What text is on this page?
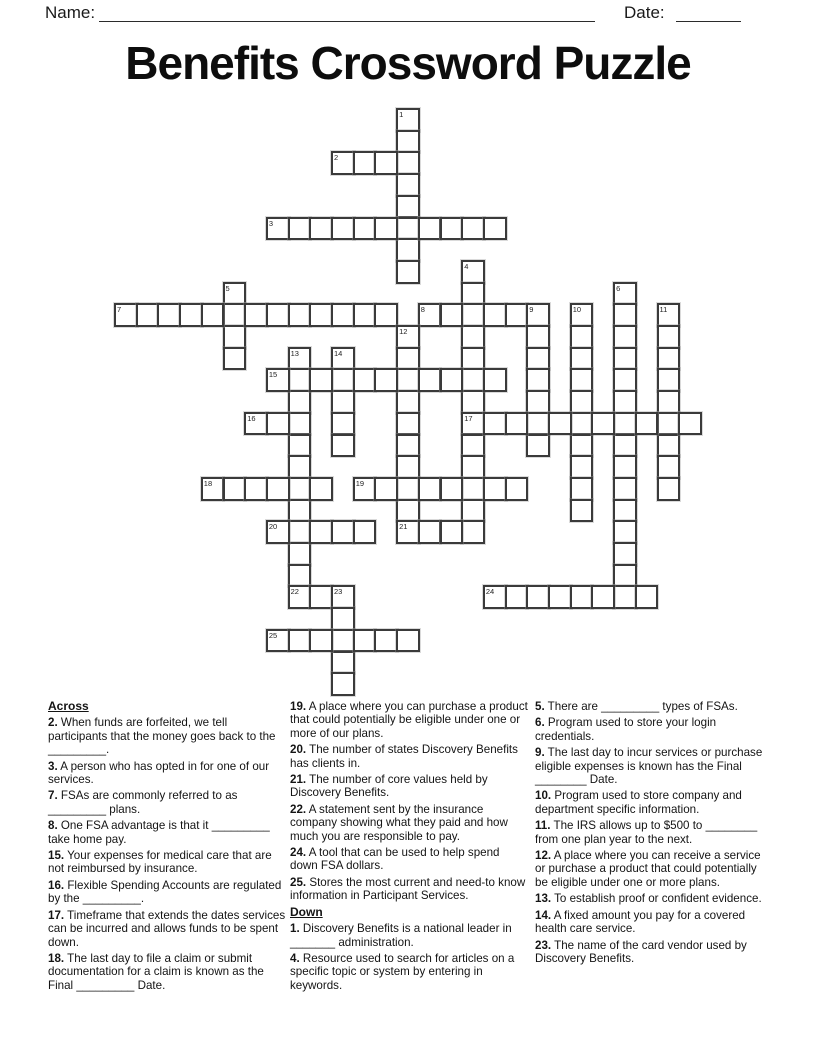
Name:	Date:
Benefits Crossword Puzzle
1
2
3
4
17
5	6
7	8	9	10	11
12
21
13
22
14
15
16
18	19
20
23	24
25
Across
2. When funds are forfeited, we tell participants that the money goes back to the _________.
3. A person who has opted in for one of our services.
7. FSAs are commonly referred to as _________ plans.
8. One FSA advantage is that it _________ take home pay.
15. Your expenses for medical care that are not reimbursed by insurance.
16. Flexible Spending Accounts are regulated by the _________.
17. Timeframe that extends the dates services can be incurred and allows funds to be spent down.
18. The last day to file a claim or submit documentation for a claim is known as the Final _________ Date.
19. A place where you can purchase a product that could potentially be eligible under one or more of our plans.
20. The number of states Discovery Benefits has clients in.
21. The number of core values held by Discovery Benefits.
22. A statement sent by the insurance company showing what they paid and how much you are responsible to pay.
24. A tool that can be used to help spend down FSA dollars.
25. Stores the most current and need-to know information in Participant Services.
Down
1. Discovery Benefits is a national leader in _______ administration.
4. Resource used to search for articles on a specific topic or system by entering in keywords.
5. There are _________ types of FSAs.
6. Program used to store your login credentials.
9. The last day to incur services or purchase eligible expenses is known has the Final ________ Date.
10. Program used to store company and department specific information.
11. The IRS allows up to $500 to ________ from one plan year to the next.
12. A place where you can receive a service or purchase a product that could potentially be eligible under one or more plans.
13. To establish proof or confident evidence.
14. A fixed amount you pay for a covered health care service.
23. The name of the card vendor used by Discovery Benefits.
